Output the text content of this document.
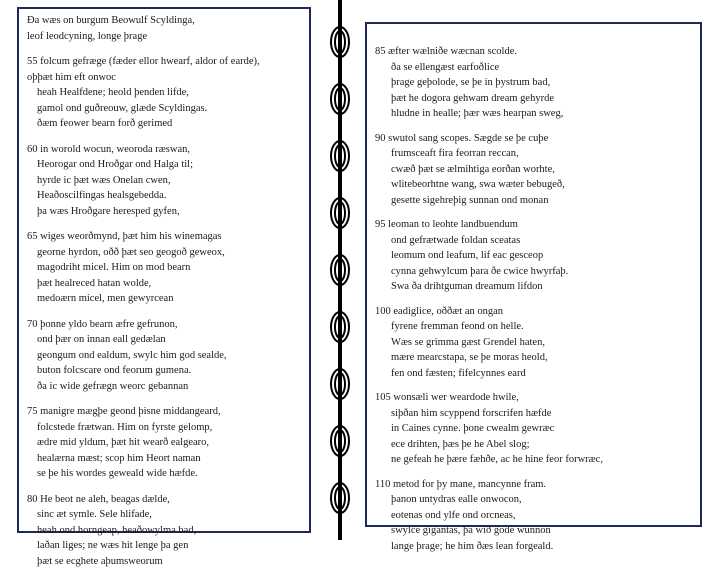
Ða wæs on burgum Beowulf Scyldinga,
leof leodcyning, longe þrage
55 folcum gefræge (fæder ellor hwearf, aldor of earde),
oþþæt him eft onwoc
heah Healfdene; heold þenden lifde,
gamol ond guðreouw, glæde Scyldingas.
ðæm feower bearn forð gerimed
60 in worold wocun, weoroda ræswan,
Heorogar ond Hroðgar ond Halga til;
hyrde ic þæt wæs Onelan cwen,
Heaðoscilfingas healsgebedda.
þa wæs Hroðgare heresped gyfen,
65 wiges weorðmynd, þæt him his winemagas
georne hyrdon, oðð þæt seo geogoð geweox,
magodriht micel. Him on mod bearn
þæt healreced hatan wolde,
medoærn micel, men gewyrcean
70 þonne yldo bearn æfre gefrunon,
ond þær on innan eall gedælan
geongum ond ealdum, swylc him god sealde,
buton folcscare ond feorum gumena.
ða ic wide gefrægn weorc gebannan
75 manigre mægþe geond þisne middangeard,
folcstede frætwan. Him on fyrste gelomp,
ædre mid yldum, þæt hit wearð ealgearo,
healærna mæst; scop him Heort naman
se þe his wordes geweald wide hæfde.
80 He beot ne aleh, beagas dælde,
sinc æt symle. Sele hlifade,
heah ond horngeap, heaðowylma bad,
laðan liges; ne wæs hit lenge þa gen
þæt se ecghete aþumsweorum
85 æfter wælniðe wæcnan scolde.
ða se ellengæst earfoðlice
þrage geþolode, se þe in þystrum bad,
þæt he dogora gehwam dream gehyrde
hludne in healle; þær wæs hearpan sweg,
90 swutol sang scopes. Sægde se þe cuþe
frumsceaft fira feorran reccan,
cwæð þæt se ælmihtiga eorðan worhte,
wlitebeorhtne wang, swa wæter bebugeð,
gesette sigehreþig sunnan ond monan
95 leoman to leohte landbuendum
ond gefrætwade foldan sceatas
leomum ond leafum, lif eac gesceop
cynna gehwylcum þara ðe cwice hwyrfaþ.
Swa ða drihtguman dreamum lifdon
100 eadiglice, oððæt an ongan
fyrene fremman feond on helle.
Wæs se grimma gæst Grendel haten,
mære mearcstapa, se þe moras heold,
fen ond fæsten; fifelcynnes eard
105 wonsæli wer weardode hwile,
siþðan him scyppend forscrifen hæfde
in Caines cynne. þone cwealm gewræc
ece drihten, þæs þe he Abel slog;
ne gefeah he þære fæhðe, ac he hine feor forwræc,
110 metod for þy mane, mancynne fram.
þanon untydras ealle onwocon,
eotenas ond ylfe ond orcneas,
swylce gigantas, þa wið gode wunnon
lange þrage; he him ðæs lean forgeald.
